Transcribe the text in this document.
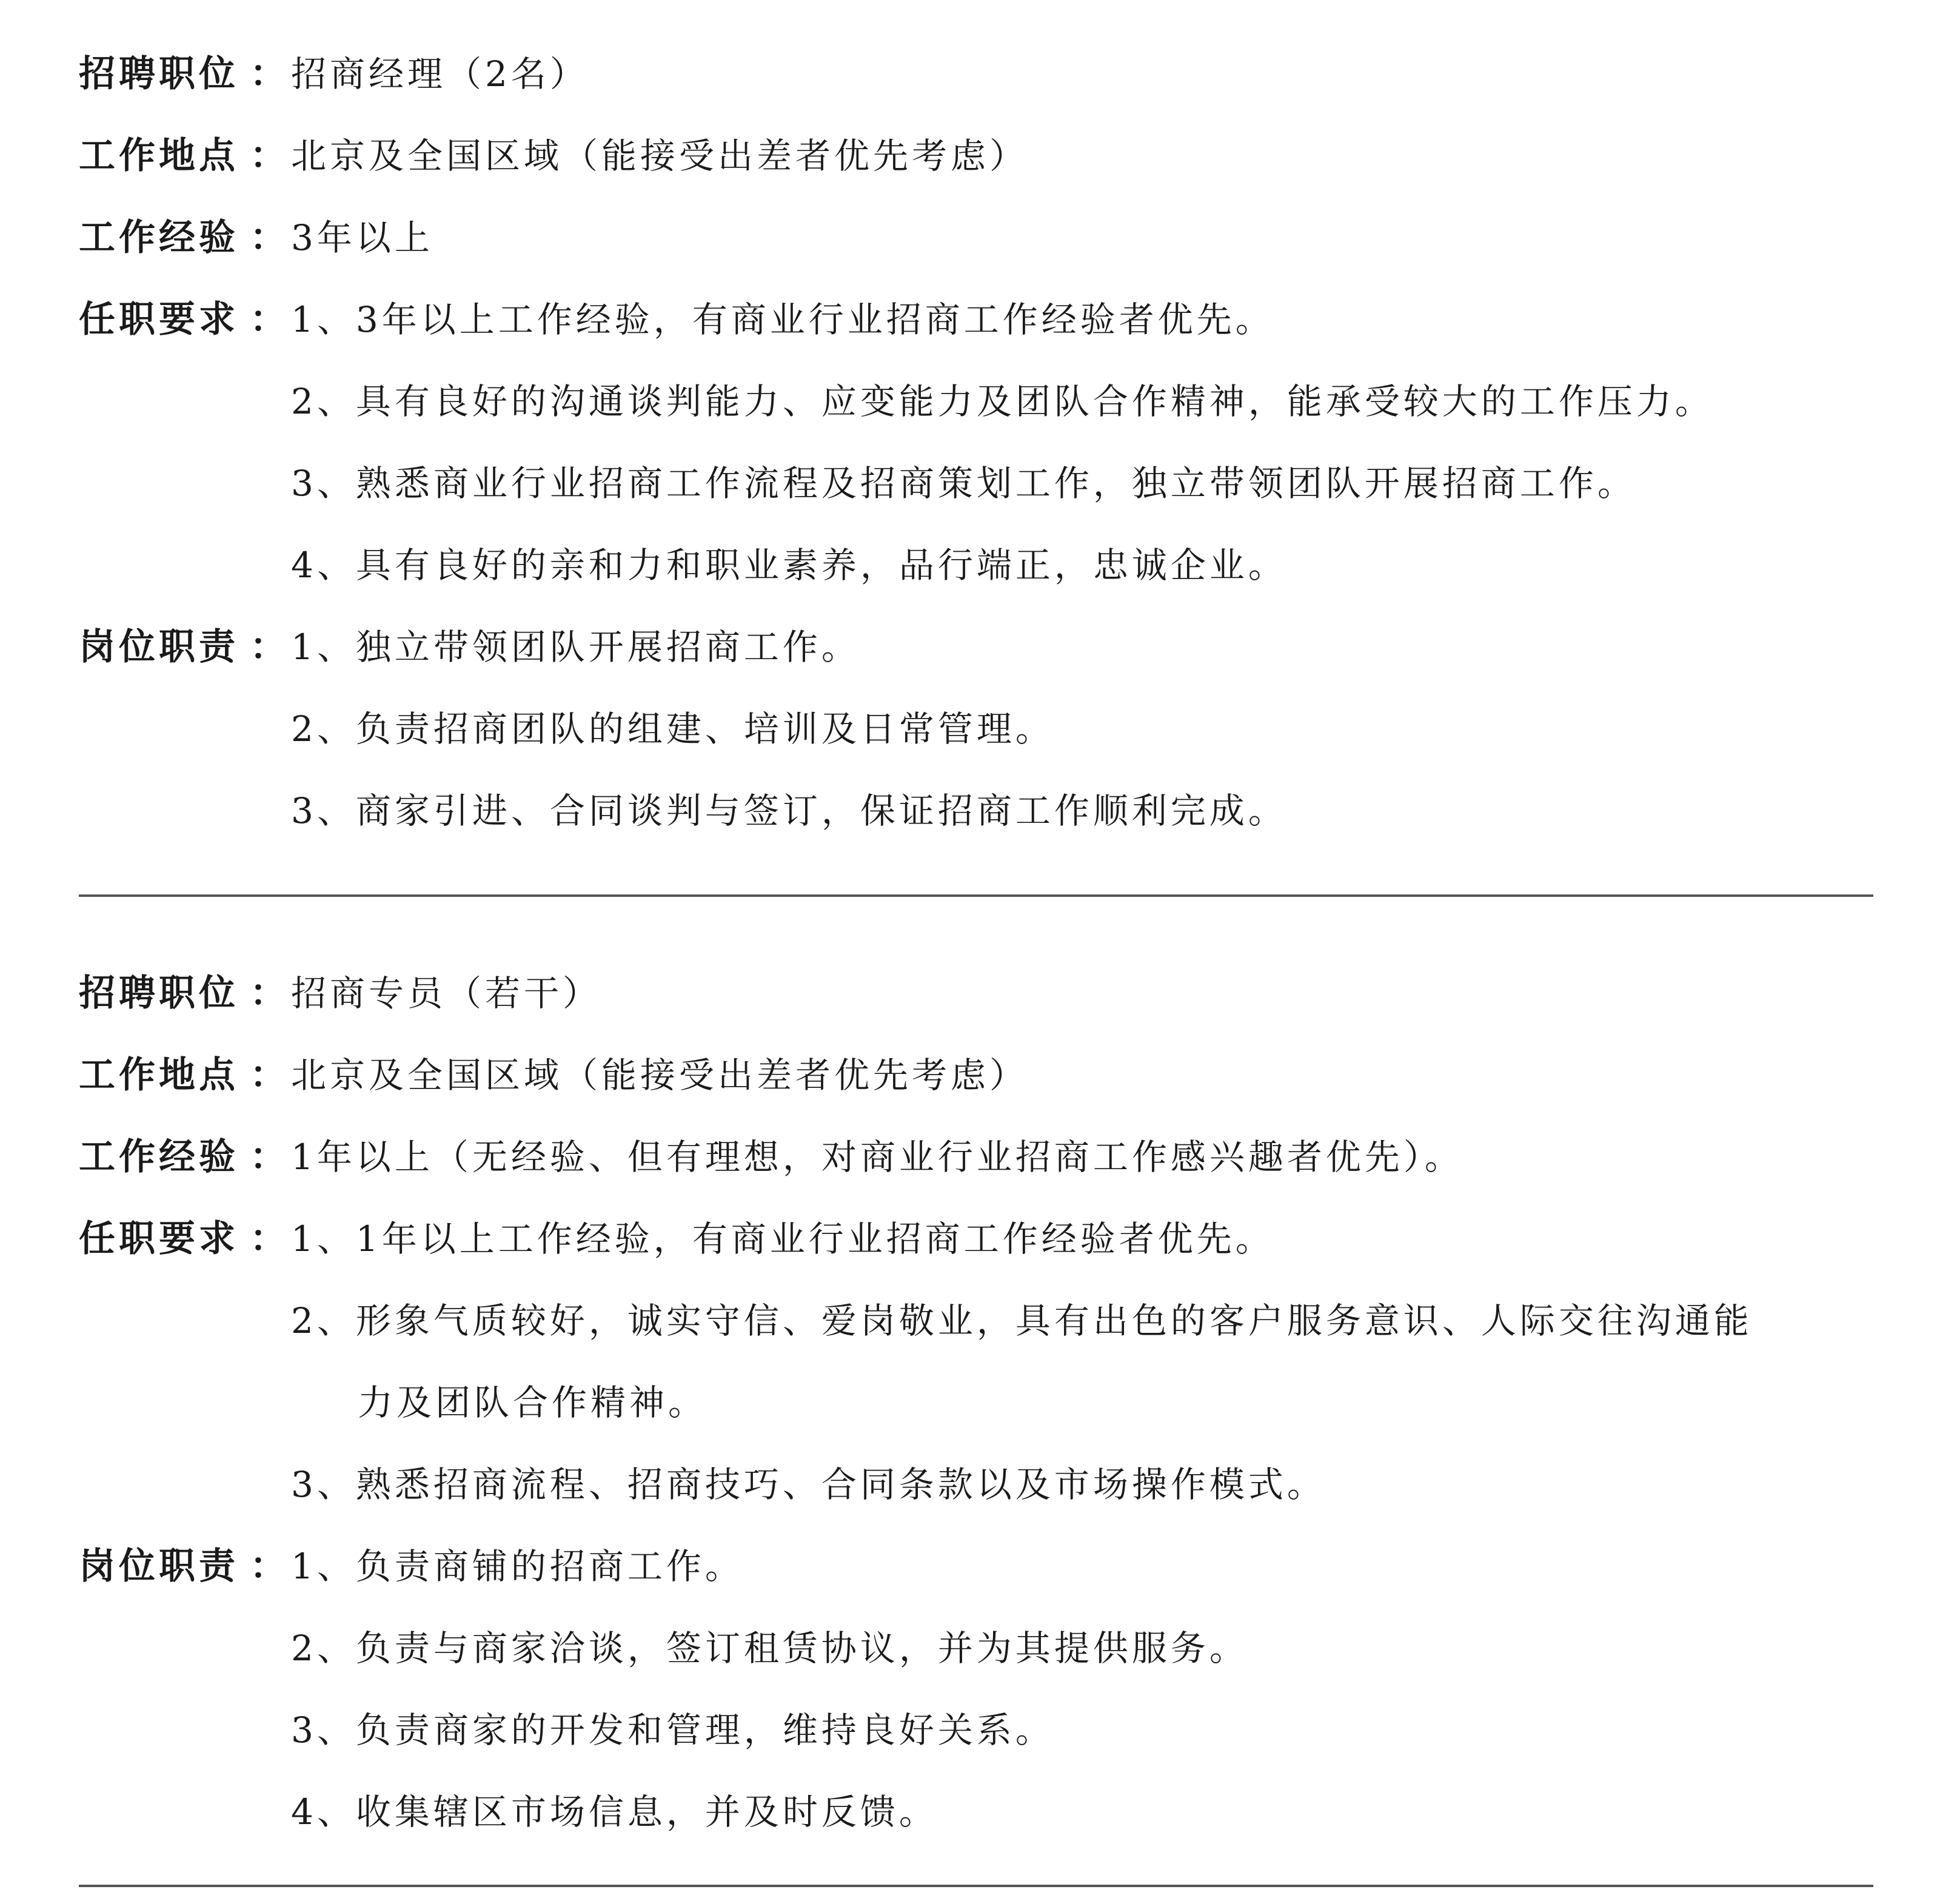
招聘职位 ： 招商经理（2名）
工作地点 ： 北京及全国区域（能接受出差者优先考虑）
工作经验 ： 3年以上
任职要求 ： 1、3年以上工作经验，有商业行业招商工作经验者优先。
2、具有良好的沟通谈判能力、应变能力及团队合作精神，能承受较大的工作压力。
3、熟悉商业行业招商工作流程及招商策划工作，独立带领团队开展招商工作。
4、具有良好的亲和力和职业素养，品行端正，忠诚企业。
岗位职责 ： 1、独立带领团队开展招商工作。
2、负责招商团队的组建、培训及日常管理。
3、商家引进、合同谈判与签订，保证招商工作顺利完成。
招聘职位 ： 招商专员（若干）
工作地点 ： 北京及全国区域（能接受出差者优先考虑）
工作经验 ： 1年以上（无经验、但有理想，对商业行业招商工作感兴趣者优先）。
任职要求 ： 1、1年以上工作经验，有商业行业招商工作经验者优先。
2、形象气质较好，诚实守信、爱岗敬业，具有出色的客户服务意识、人际交往沟通能
力及团队合作精神。
3、熟悉招商流程、招商技巧、合同条款以及市场操作模式。
岗位职责 ： 1、负责商铺的招商工作。
2、负责与商家洽谈，签订租赁协议，并为其提供服务。
3、负责商家的开发和管理，维持良好关系。
4、收集辖区市场信息，并及时反馈。
